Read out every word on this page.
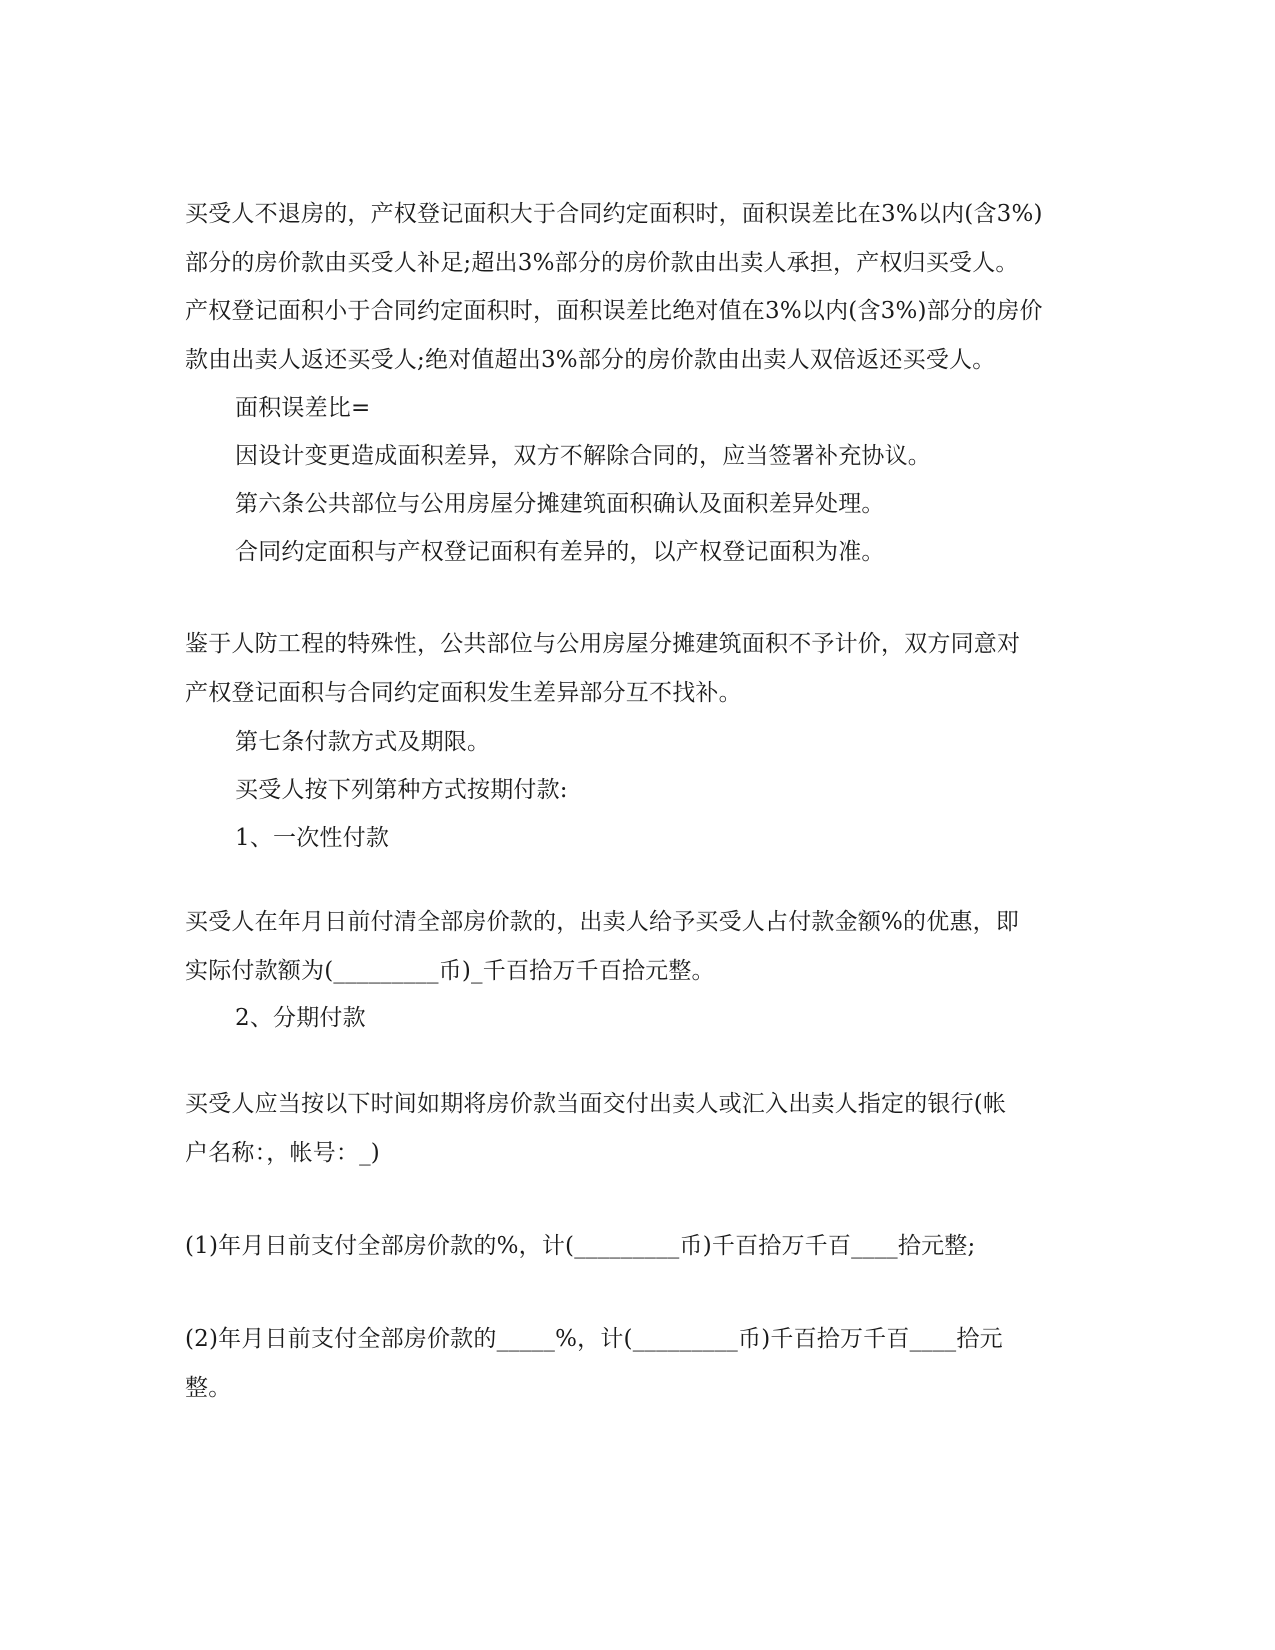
买受人不退房的，产权登记面积大于合同约定面积时，面积误差比在3%以内(含3%)
部分的房价款由买受人补足;超出3%部分的房价款由出卖人承担，产权归买受人。
产权登记面积小于合同约定面积时，面积误差比绝对值在3%以内(含3%)部分的房价
款由出卖人返还买受人;绝对值超出3%部分的房价款由出卖人双倍返还买受人。
面积误差比=
因设计变更造成面积差异，双方不解除合同的，应当签署补充协议。
第六条公共部位与公用房屋分摊建筑面积确认及面积差异处理。
合同约定面积与产权登记面积有差异的，以产权登记面积为准。
鉴于人防工程的特殊性，公共部位与公用房屋分摊建筑面积不予计价，双方同意对
产权登记面积与合同约定面积发生差异部分互不找补。
第七条付款方式及期限。
买受人按下列第种方式按期付款:
1、一次性付款
买受人在年月日前付清全部房价款的，出卖人给予买受人占付款金额%的优惠，即
实际付款额为(_________币)_千百拾万千百拾元整。
2、分期付款
买受人应当按以下时间如期将房价款当面交付出卖人或汇入出卖人指定的银行(帐
户名称：，帐号：_)
(1)年月日前支付全部房价款的%，计(_________币)千百拾万千百____拾元整;
(2)年月日前支付全部房价款的_____%，计(_________币)千百拾万千百____拾元
整。
